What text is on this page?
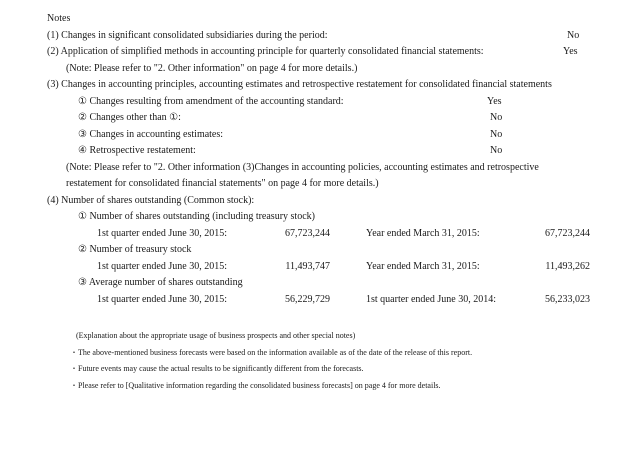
Notes
(1) Changes in significant consolidated subsidiaries during the period:	No
(2) Application of simplified methods in accounting principle for quarterly consolidated financial statements:	Yes
(Note: Please refer to "2. Other information" on page 4 for more details.)
(3) Changes in accounting principles, accounting estimates and retrospective restatement for consolidated financial statements
① Changes resulting from amendment of the accounting standard:	Yes
② Changes other than ①:	No
③ Changes in accounting estimates:	No
④ Retrospective restatement:	No
(Note: Please refer to "2. Other information (3)Changes in accounting policies, accounting estimates and retrospective
restatement for consolidated financial statements" on page 4 for more details.)
(4) Number of shares outstanding (Common stock):
① Number of shares outstanding (including treasury stock)
1st quarter ended June 30, 2015:	67,723,244	Year ended March 31, 2015:	67,723,244
② Number of treasury stock
1st quarter ended June 30, 2015:	11,493,747	Year ended March 31, 2015:	11,493,262
③ Average number of shares outstanding
1st quarter ended June 30, 2015:	56,229,729	1st quarter ended June 30, 2014:	56,233,023
(Explanation about the appropriate usage of business prospects and other special notes)
・The above-mentioned business forecasts were based on the information available as of the date of the release of this report.
・Future events may cause the actual results to be significantly different from the forecasts.
・Please refer to [Qualitative information regarding the consolidated business forecasts] on page 4 for more details.
